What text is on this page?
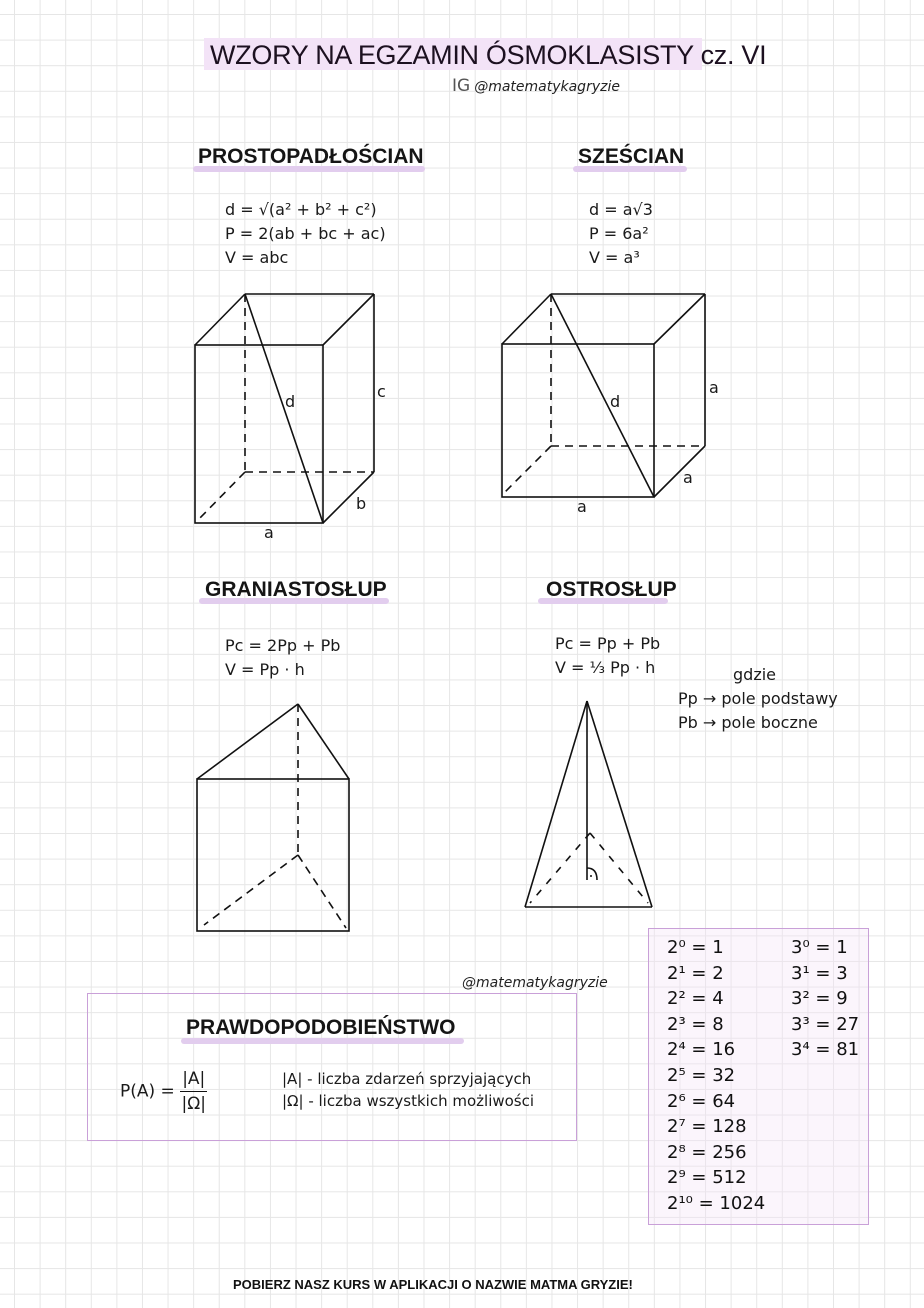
WZORY NA EGZAMIN ÓSMOKLASISTY cz. VI
IG @matematykagryzie
PROSTOPADŁOŚCIAN
d = √(a² + b² + c²)
P = 2(ab + bc + ac)
V = abc
d
c
b
a
SZEŚCIAN
d = a√3
P = 6a²
V = a³
d
a
a
a
GRANIASTOSŁUP
Pc = 2Pp + Pb
V = Pp · h
OSTROSŁUP
Pc = Pp + Pb
V = ⅓ Pp · h	gdzie
Pp → pole podstawy
Pb → pole boczne
@matematykagryzie
PRAWDOPODOBIEŃSTWO
$P(A) = \frac{|A|}{|\Omega|}$	|A| - liczba zdarzeń sprzyjających
|Ω| - liczba wszystkich możliwości
2⁰ = 1
2¹ = 2
2² = 4
2³ = 8
2⁴ = 16
2⁵ = 32
2⁶ = 64
2⁷ = 128
2⁸ = 256
2⁹ = 512
2¹⁰ = 1024
3⁰ = 1
3¹ = 3
3² = 9
3³ = 27
3⁴ = 81
POBIERZ NASZ KURS W APLIKACJI O NAZWIE MATMA GRYZIE!
